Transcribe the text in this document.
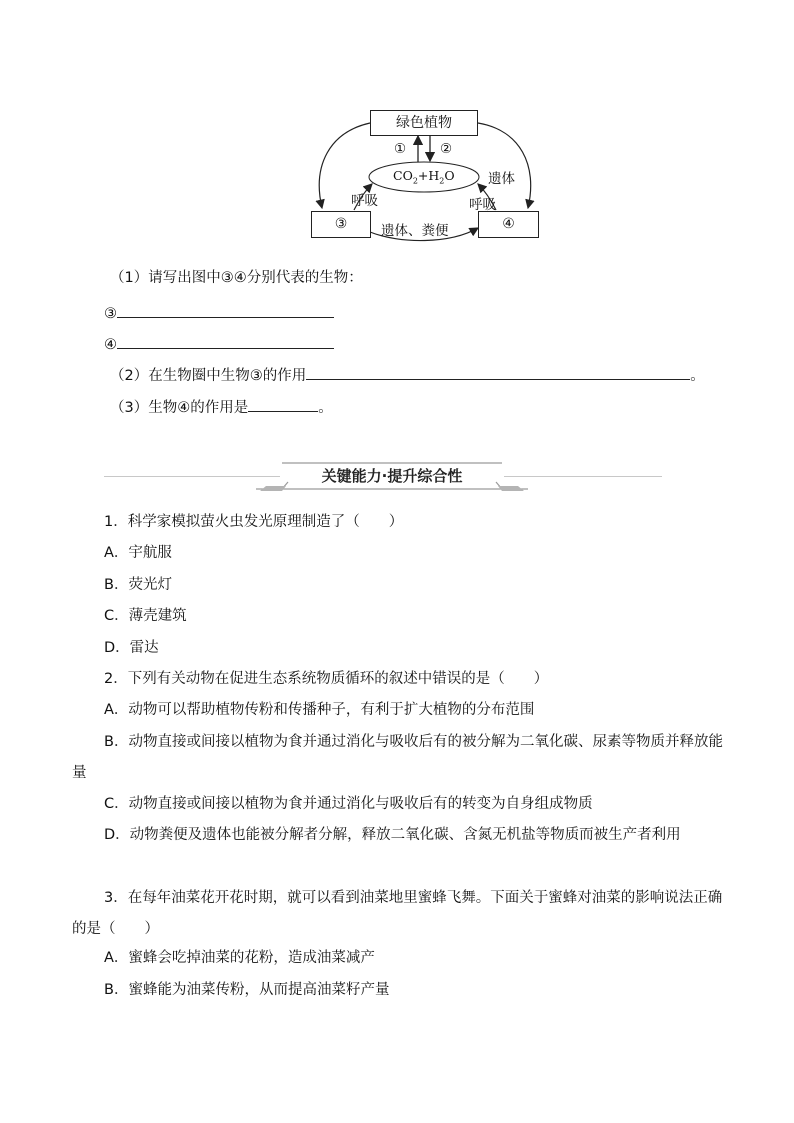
绿色植物
$CO_2+H_2O$
③	④
①	②
遗体
呼吸	呼吸
遗体、粪便
（1）请写出图中③④分别代表的生物：
③
④
（2）在生物圈中生物③的作用	。
（3）生物④的作用是	。
关键能力·提升综合性
1．科学家模拟萤火虫发光原理制造了（　　）
A．宇航服
B．荧光灯
C．薄壳建筑
D．雷达
2．下列有关动物在促进生态系统物质循环的叙述中错误的是（　　）
A．动物可以帮助植物传粉和传播种子，有利于扩大植物的分布范围
B．动物直接或间接以植物为食并通过消化与吸收后有的被分解为二氧化碳、尿素等物质并释放能量
C．动物直接或间接以植物为食并通过消化与吸收后有的转变为自身组成物质
D．动物粪便及遗体也能被分解者分解，释放二氧化碳、含氮无机盐等物质而被生产者利用
3．在每年油菜花开花时期，就可以看到油菜地里蜜蜂飞舞。下面关于蜜蜂对油菜的影响说法正确的是（　　）
A．蜜蜂会吃掉油菜的花粉，造成油菜减产
B．蜜蜂能为油菜传粉，从而提高油菜籽产量
